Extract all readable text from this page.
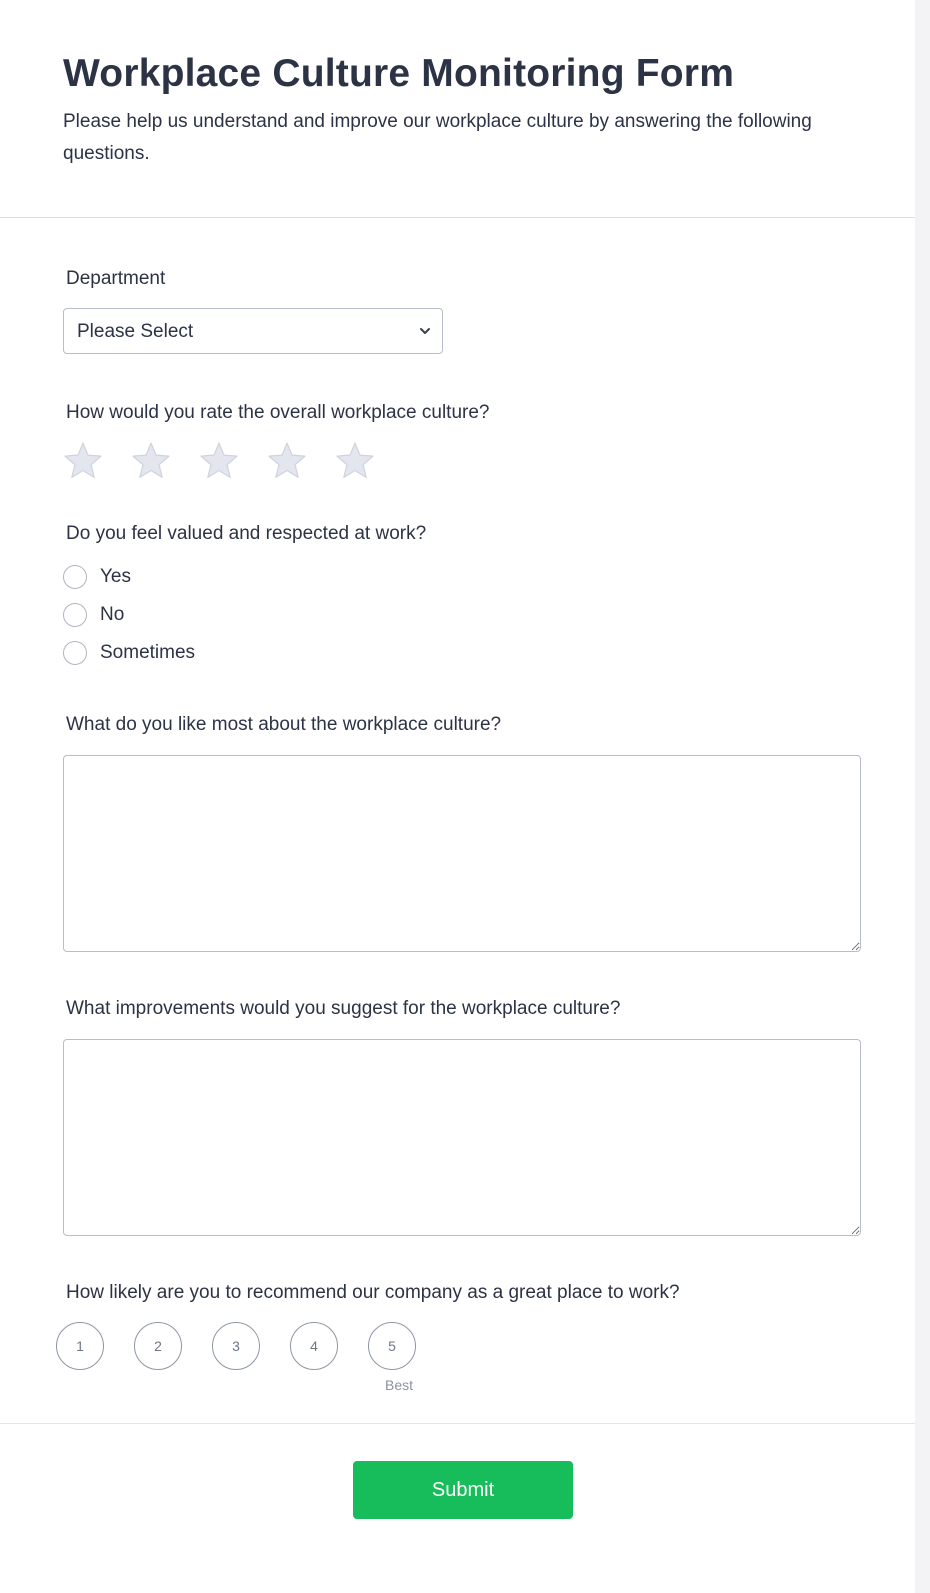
Workplace Culture Monitoring Form

Please help us understand and improve our workplace culture by answering the following questions.

Department

Please Select

How would you rate the overall workplace culture?

Do you feel valued and respected at work?

Yes
No
Sometimes

What do you like most about the workplace culture?

What improvements would you suggest for the workplace culture?

How likely are you to recommend our company as a great place to work?

1	2	3	4	5
Best
Submit
